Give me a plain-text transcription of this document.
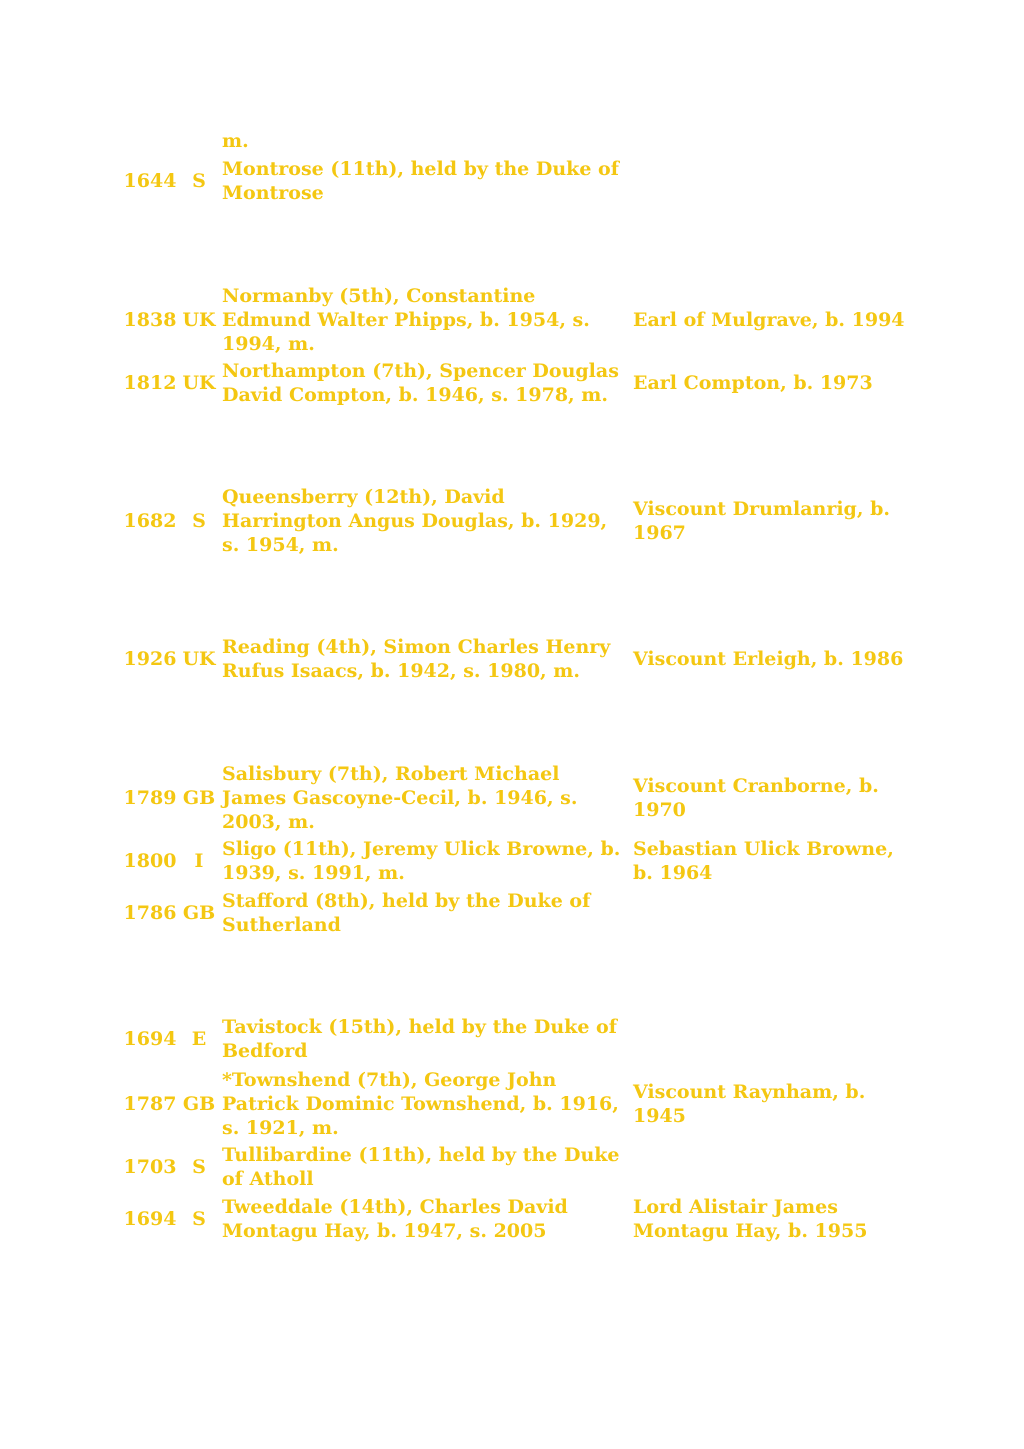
m.
1644 S
Montrose (11th), held by the Duke of Montrose
1838 UK
Normanby (5th), Constantine Edmund Walter Phipps, b. 1954, s. 1994, m.
Earl of Mulgrave, b. 1994
1812 UK
Northampton (7th), Spencer Douglas David Compton, b. 1946, s. 1978, m.
Earl Compton, b. 1973
1682 S
Queensberry (12th), David Harrington Angus Douglas, b. 1929, s. 1954, m.
Viscount Drumlanrig, b. 1967
1926 UK
Reading (4th), Simon Charles Henry Rufus Isaacs, b. 1942, s. 1980, m.
Viscount Erleigh, b. 1986
1789 GB
Salisbury (7th), Robert Michael James Gascoyne-Cecil, b. 1946, s. 2003, m.
Viscount Cranborne, b. 1970
1800 I
Sligo (11th), Jeremy Ulick Browne, b. 1939, s. 1991, m.
Sebastian Ulick Browne, b. 1964
1786 GB
Stafford (8th), held by the Duke of Sutherland
1694 E
Tavistock (15th), held by the Duke of Bedford
1787 GB
*Townshend (7th), George John Patrick Dominic Townshend, b. 1916, s. 1921, m.
Viscount Raynham, b. 1945
1703 S
Tullibardine (11th), held by the Duke of Atholl
1694 S
Tweeddale (14th), Charles David Montagu Hay, b. 1947, s. 2005
Lord Alistair James Montagu Hay, b. 1955
